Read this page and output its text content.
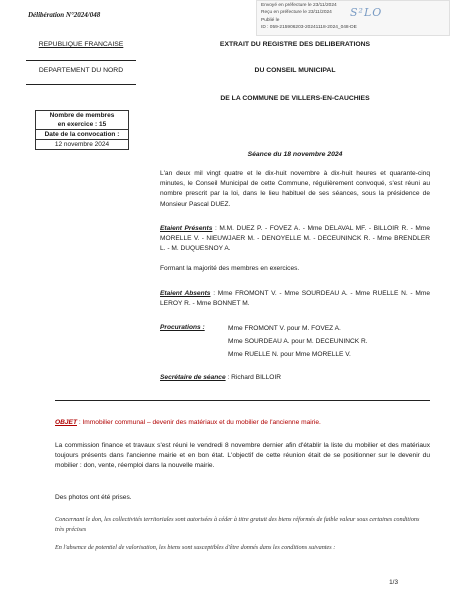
Envoyé en préfecture le 23/11/2024
Reçu en préfecture le 23/11/2024
Publié le
ID : 059-215906203-20241118-2024_048-DE
S²LO
Délibération N°2024/048
REPUBLIQUE FRANCAISE
DEPARTEMENT DU NORD
EXTRAIT DU REGISTRE DES DELIBERATIONS
DU CONSEIL MUNICIPAL
DE LA COMMUNE DE VILLERS-EN-CAUCHIES
Nombre de membres
en exercice : 15
Date de la convocation :
12 novembre 2024
Séance du 18 novembre 2024
L'an deux mil vingt quatre et le dix-huit novembre à dix-huit heures et quarante-cinq minutes, le Conseil Municipal de cette Commune, régulièrement convoqué, s'est réuni au nombre prescrit par la loi, dans le lieu habituel de ses séances, sous la présidence de Monsieur Pascal DUEZ.
Etaient Présents : M.M. DUEZ P. - FOVEZ A. - Mme DELAVAL MF. - BILLOIR R. - Mme MORELLE V. - NIEUWJAER M. - DENOYELLE M. - DECEUNINCK R. - Mme BRENDLER L. - M. DUQUESNOY A.
Formant la majorité des membres en exercices.
Etaient Absents : Mme FROMONT V. - Mme SOURDEAU A. - Mme RUELLE N. - Mme LEROY R. - Mme BONNET M.
Procurations :	Mme FROMONT V. pour M. FOVEZ A.
Mme SOURDEAU A. pour M. DECEUNINCK R.
Mme RUELLE N. pour Mme MORELLE V.
Secrétaire de séance : Richard BILLOIR
OBJET : Immobilier communal – devenir des matériaux et du mobilier de l'ancienne mairie.
La commission finance et travaux s'est réuni le vendredi 8 novembre dernier afin d'établir la liste du mobilier et des matériaux toujours présents dans l'ancienne mairie et en bon état. L'objectif de cette réunion était de se positionner sur le devenir du mobilier : don, vente, réemploi dans la nouvelle mairie.
Des photos ont été prises.
Concernant le don, les collectivités territoriales sont autorisées à céder à titre gratuit des biens réformés de faible valeur sous certaines conditions très précises
En l'absence de potentiel de valorisation, les biens sont susceptibles d'être donnés dans les conditions suivantes :
1/3
